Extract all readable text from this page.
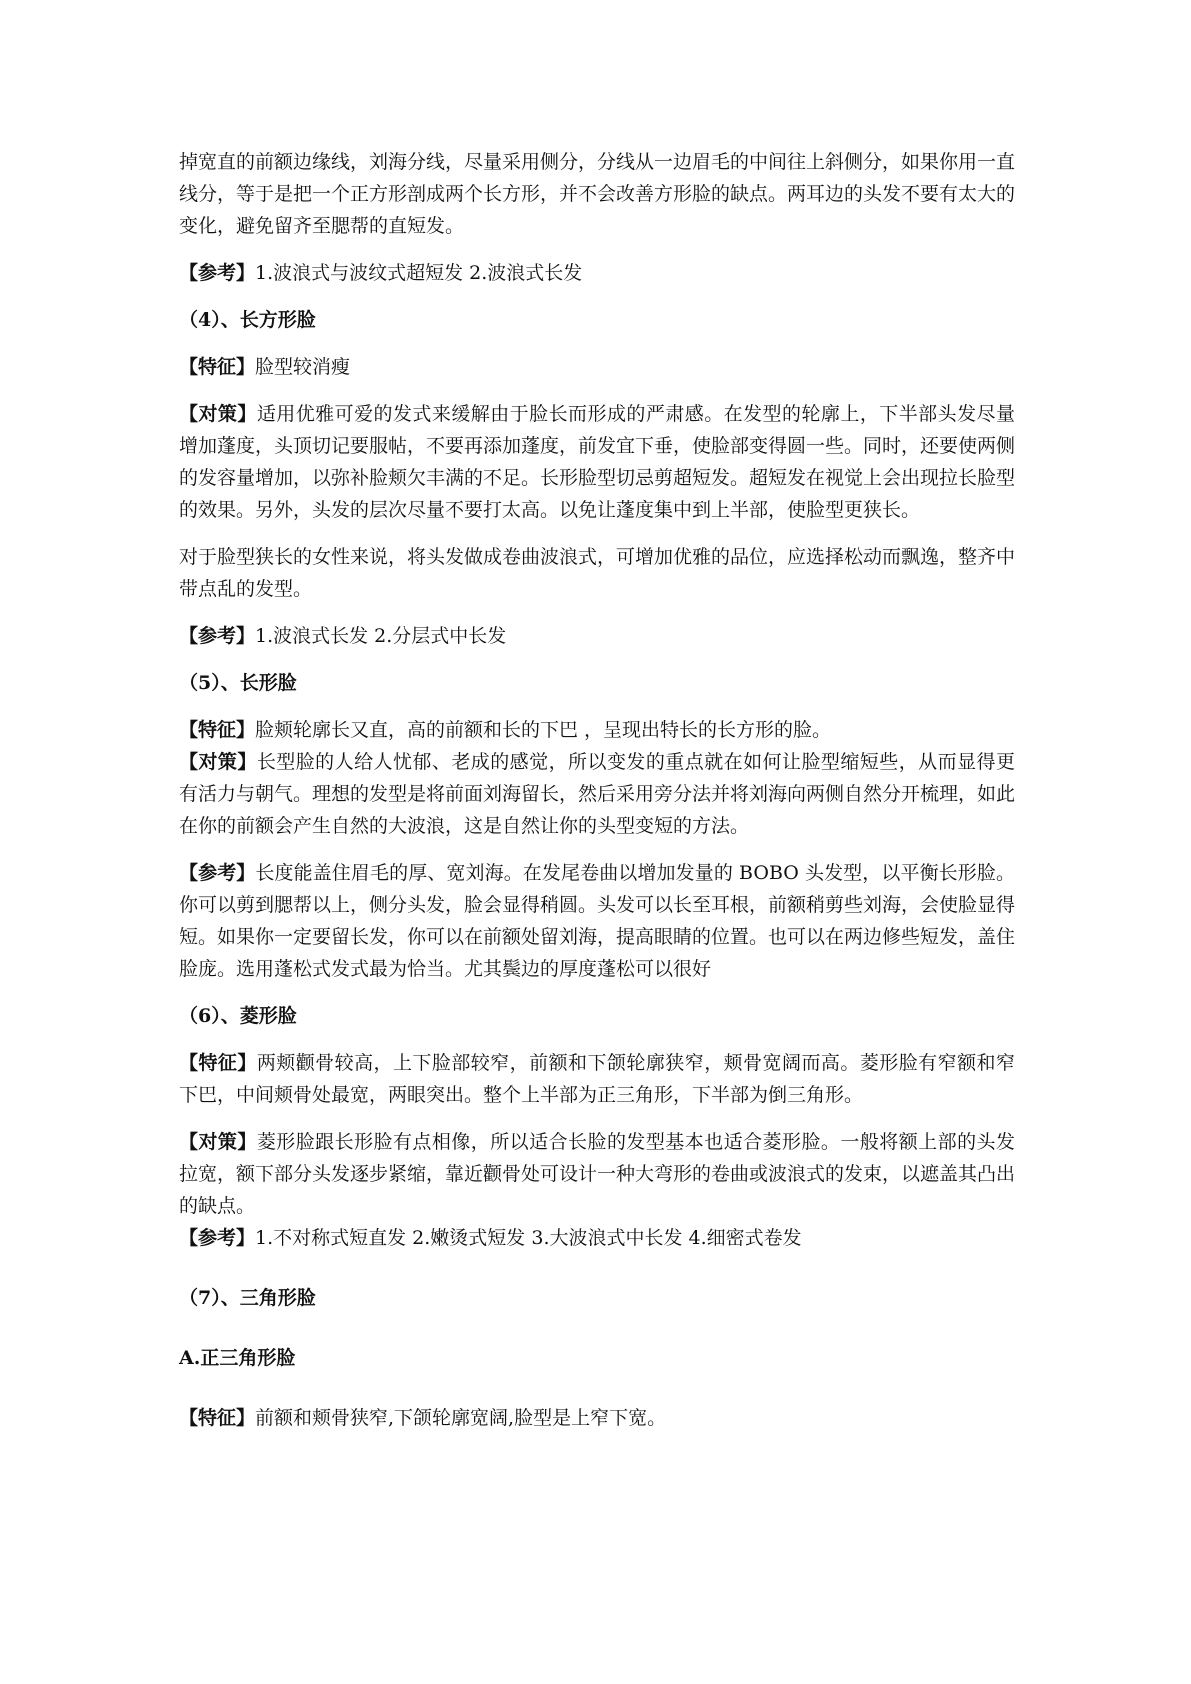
掉宽直的前额边缘线，刘海分线，尽量采用侧分，分线从一边眉毛的中间往上斜侧分，如果你用一直线分，等于是把一个正方形剖成两个长方形，并不会改善方形脸的缺点。两耳边的头发不要有太大的变化，避免留齐至腮帮的直短发。

【参考】1.波浪式与波纹式超短发 2.波浪式长发

（4）、长方形脸

【特征】脸型较消瘦

【对策】适用优雅可爱的发式来缓解由于脸长而形成的严肃感。在发型的轮廓上，下半部头发尽量增加蓬度，头顶切记要服帖，不要再添加蓬度，前发宜下垂，使脸部变得圆一些。同时，还要使两侧的发容量增加，以弥补脸颊欠丰满的不足。长形脸型切忌剪超短发。超短发在视觉上会出现拉长脸型的效果。另外，头发的层次尽量不要打太高。以免让蓬度集中到上半部，使脸型更狭长。

对于脸型狭长的女性来说，将头发做成卷曲波浪式，可增加优雅的品位，应选择松动而飘逸，整齐中带点乱的发型。

【参考】1.波浪式长发 2.分层式中长发

（5）、长形脸

【特征】脸颊轮廓长又直，高的前额和长的下巴 ，呈现出特长的长方形的脸。

【对策】长型脸的人给人忧郁、老成的感觉，所以变发的重点就在如何让脸型缩短些，从而显得更有活力与朝气。理想的发型是将前面刘海留长，然后采用旁分法并将刘海向两侧自然分开梳理，如此在你的前额会产生自然的大波浪，这是自然让你的头型变短的方法。

【参考】长度能盖住眉毛的厚、宽刘海。在发尾卷曲以增加发量的 BOBO 头发型，以平衡长形脸。你可以剪到腮帮以上，侧分头发，脸会显得稍圆。头发可以长至耳根，前额稍剪些刘海，会使脸显得短。如果你一定要留长发，你可以在前额处留刘海，提高眼睛的位置。也可以在两边修些短发，盖住脸庞。选用蓬松式发式最为恰当。尤其鬓边的厚度蓬松可以很好

（6）、菱形脸

【特征】两颊颧骨较高，上下脸部较窄，前额和下颌轮廓狭窄，颊骨宽阔而高。菱形脸有窄额和窄下巴，中间颊骨处最宽，两眼突出。整个上半部为正三角形，下半部为倒三角形。

【对策】菱形脸跟长形脸有点相像，所以适合长脸的发型基本也适合菱形脸。一般将额上部的头发拉宽，额下部分头发逐步紧缩，靠近颧骨处可设计一种大弯形的卷曲或波浪式的发束，以遮盖其凸出的缺点。

【参考】1.不对称式短直发 2.嫩烫式短发 3.大波浪式中长发 4.细密式卷发

（7）、三角形脸

A.正三角形脸

【特征】前额和颊骨狭窄,下颌轮廓宽阔,脸型是上窄下宽。
